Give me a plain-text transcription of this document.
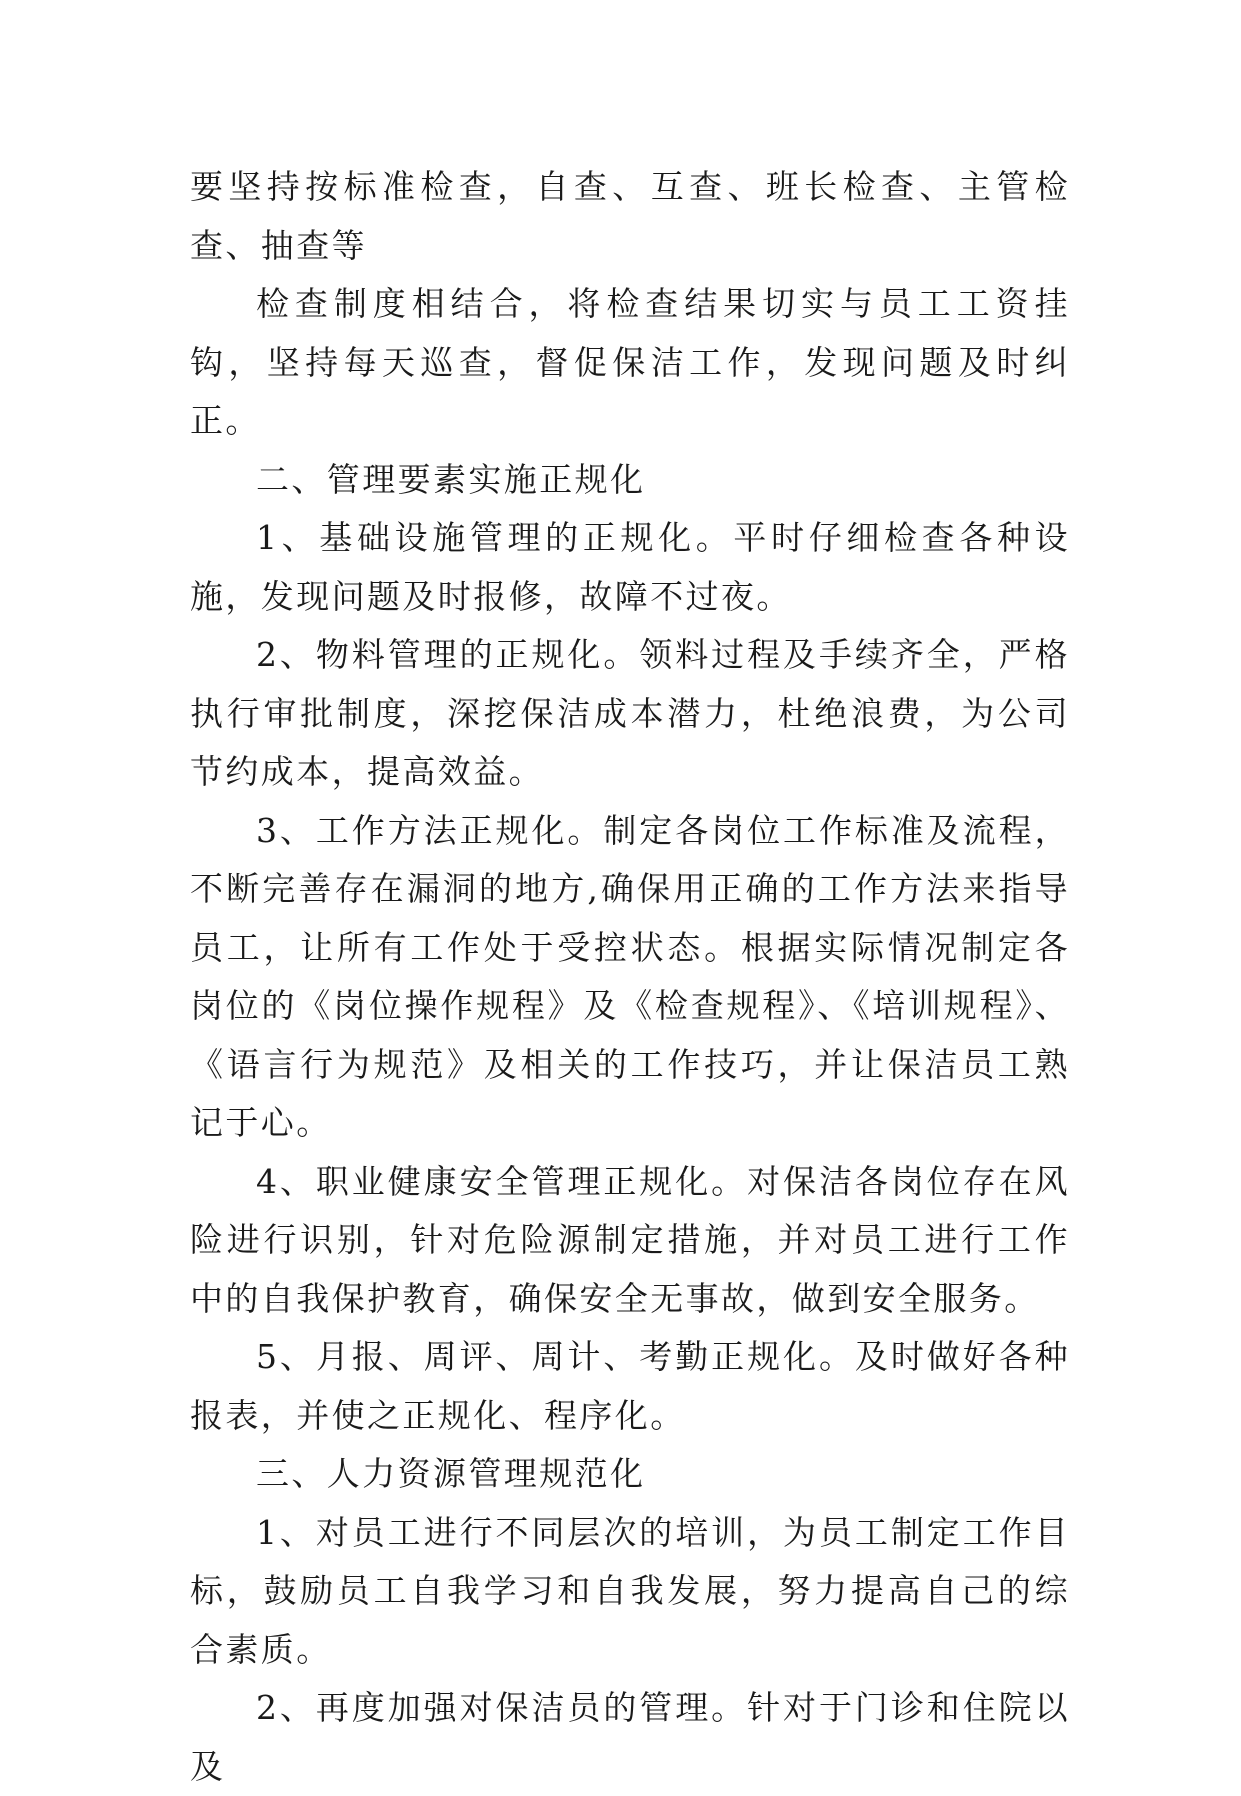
要坚持按标准检查，自查、互查、班长检查、主管检查、抽查等

检查制度相结合，将检查结果切实与员工工资挂钩，坚持每天巡查，督促保洁工作，发现问题及时纠正。

二、管理要素实施正规化

1、基础设施管理的正规化。平时仔细检查各种设施，发现问题及时报修，故障不过夜。

2、物料管理的正规化。领料过程及手续齐全，严格执行审批制度，深挖保洁成本潜力，杜绝浪费，为公司节约成本，提高效益。

3、工作方法正规化。制定各岗位工作标准及流程，不断完善存在漏洞的地方,确保用正确的工作方法来指导员工，让所有工作处于受控状态。根据实际情况制定各岗位的《岗位操作规程》及《检查规程》、《培训规程》、《语言行为规范》及相关的工作技巧，并让保洁员工熟记于心。

4、职业健康安全管理正规化。对保洁各岗位存在风险进行识别，针对危险源制定措施，并对员工进行工作中的自我保护教育，确保安全无事故，做到安全服务。

5、月报、周评、周计、考勤正规化。及时做好各种报表，并使之正规化、程序化。

三、人力资源管理规范化

1、对员工进行不同层次的培训，为员工制定工作目标，鼓励员工自我学习和自我发展，努力提高自己的综合素质。

2、再度加强对保洁员的管理。针对于门诊和住院以及
